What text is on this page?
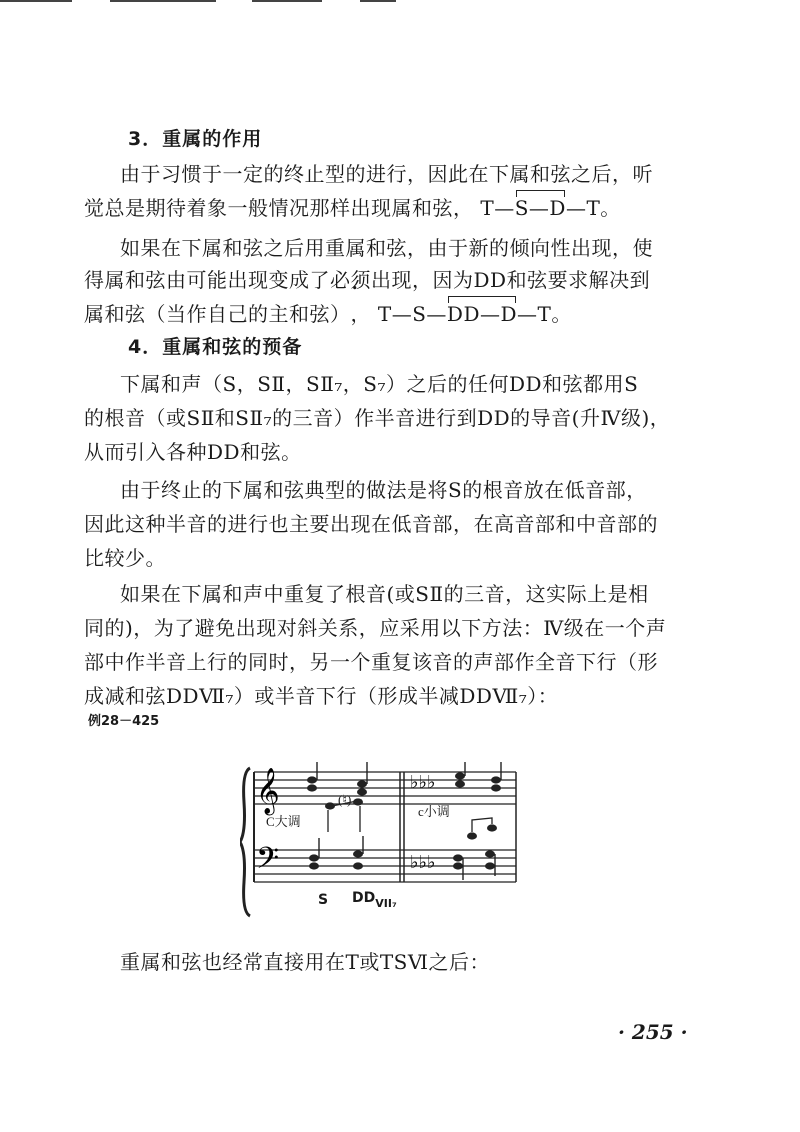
3．重属的作用
由于习惯于一定的终止型的进行，因此在下属和弦之后，听
觉总是期待着象一般情况那样出现属和弦， T—S—D—T。
如果在下属和弦之后用重属和弦，由于新的倾向性出现，使
得属和弦由可能出现变成了必须出现，因为DD和弦要求解决到
属和弦（当作自己的主和弦）• ， T—S—DD—D—T。
4．重属和弦的预备
下属和声（S，SⅡ，SⅡ₇，S₇）之后的任何DD和弦都用S
的根音（或SⅡ和SⅡ₇的三音）作半音进行到DD的导音(升Ⅳ级)，
从而引入各种DD和弦。
由于终止的下属和弦典型的做法是将S的根音放在低音部，
因此这种半音的进行也主要出现在低音部，在高音部和中音部的
比较少。
如果在下属和声中重复了根音(或SⅡ的三音，这实际上是相
同的)，为了避免出现对斜关系，应采用以下方法：Ⅳ级在一个声
部中作半音上行的同时，另一个重复该音的声部作全音下行（形
成减和弦DDⅦ₇）或半音下行（形成半减DDⅦ₇）：
例28－425
𝄞
𝄢
♭♭♭
♭♭♭
(♮)
C大调
c小调
S $DD_{VII_7}$
重属和弦也经常直接用在T或TSⅥ之后：
· 255 ·
